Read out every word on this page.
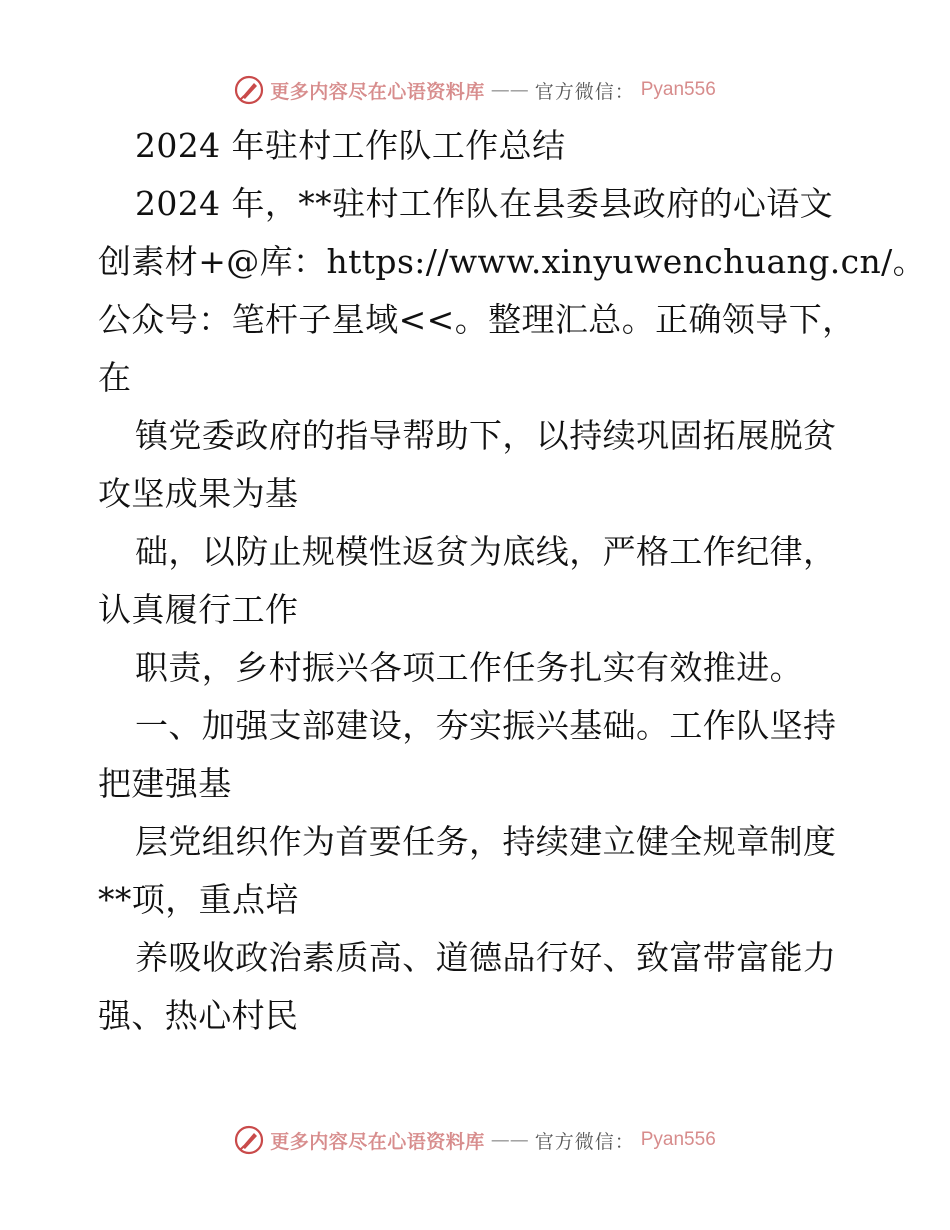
更多内容尽在心语资料库 —— 官方微信： Pyan556
2024 年驻村工作队工作总结
2024 年，**驻村工作队在县委县政府的心语文
创素材+@库：https://www.xinyuwenchuang.cn/。
公众号：笔杆子星域<<。整理汇总。正确领导下，
在
镇党委政府的指导帮助下，以持续巩固拓展脱贫
攻坚成果为基
础，以防止规模性返贫为底线，严格工作纪律，
认真履行工作
职责，乡村振兴各项工作任务扎实有效推进。
一、加强支部建设，夯实振兴基础。工作队坚持
把建强基
层党组织作为首要任务，持续建立健全规章制度
**项，重点培
养吸收政治素质高、道德品行好、致富带富能力
强、热心村民
更多内容尽在心语资料库 —— 官方微信： Pyan556
